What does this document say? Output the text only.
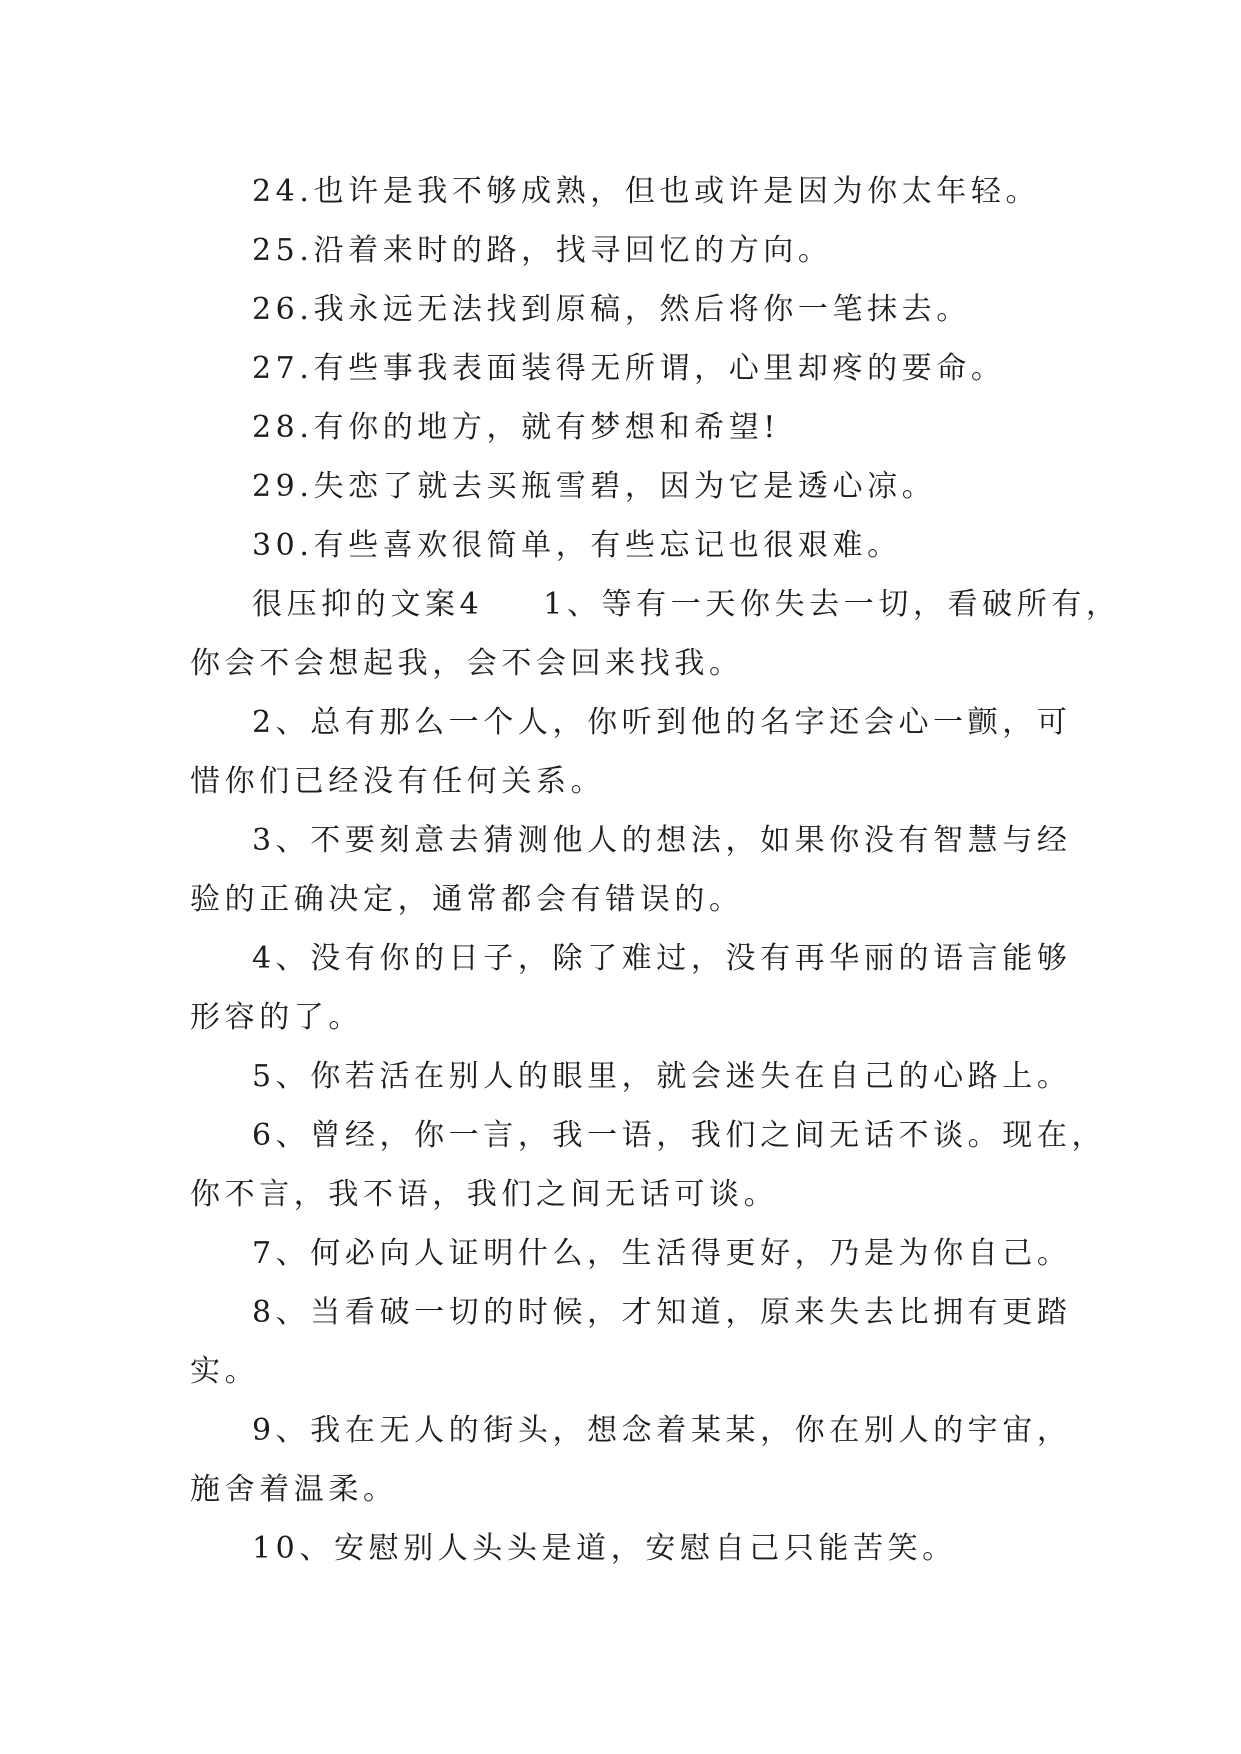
24.也许是我不够成熟，但也或许是因为你太年轻。
25.沿着来时的路，找寻回忆的方向。
26.我永远无法找到原稿，然后将你一笔抹去。
27.有些事我表面装得无所谓，心里却疼的要命。
28.有你的地方，就有梦想和希望!
29.失恋了就去买瓶雪碧，因为它是透心凉。
30.有些喜欢很简单，有些忘记也很艰难。
很压抑的文案4 1、等有一天你失去一切，看破所有，
你会不会想起我，会不会回来找我。
2、总有那么一个人，你听到他的名字还会心一颤，可
惜你们已经没有任何关系。
3、不要刻意去猜测他人的想法，如果你没有智慧与经
验的正确决定，通常都会有错误的。
4、没有你的日子，除了难过，没有再华丽的语言能够
形容的了。
5、你若活在别人的眼里，就会迷失在自己的心路上。
6、曾经，你一言，我一语，我们之间无话不谈。现在，
你不言，我不语，我们之间无话可谈。
7、何必向人证明什么，生活得更好，乃是为你自己。
8、当看破一切的时候，才知道，原来失去比拥有更踏
实。
9、我在无人的街头，想念着某某，你在别人的宇宙，
施舍着温柔。
10、安慰别人头头是道，安慰自己只能苦笑。
